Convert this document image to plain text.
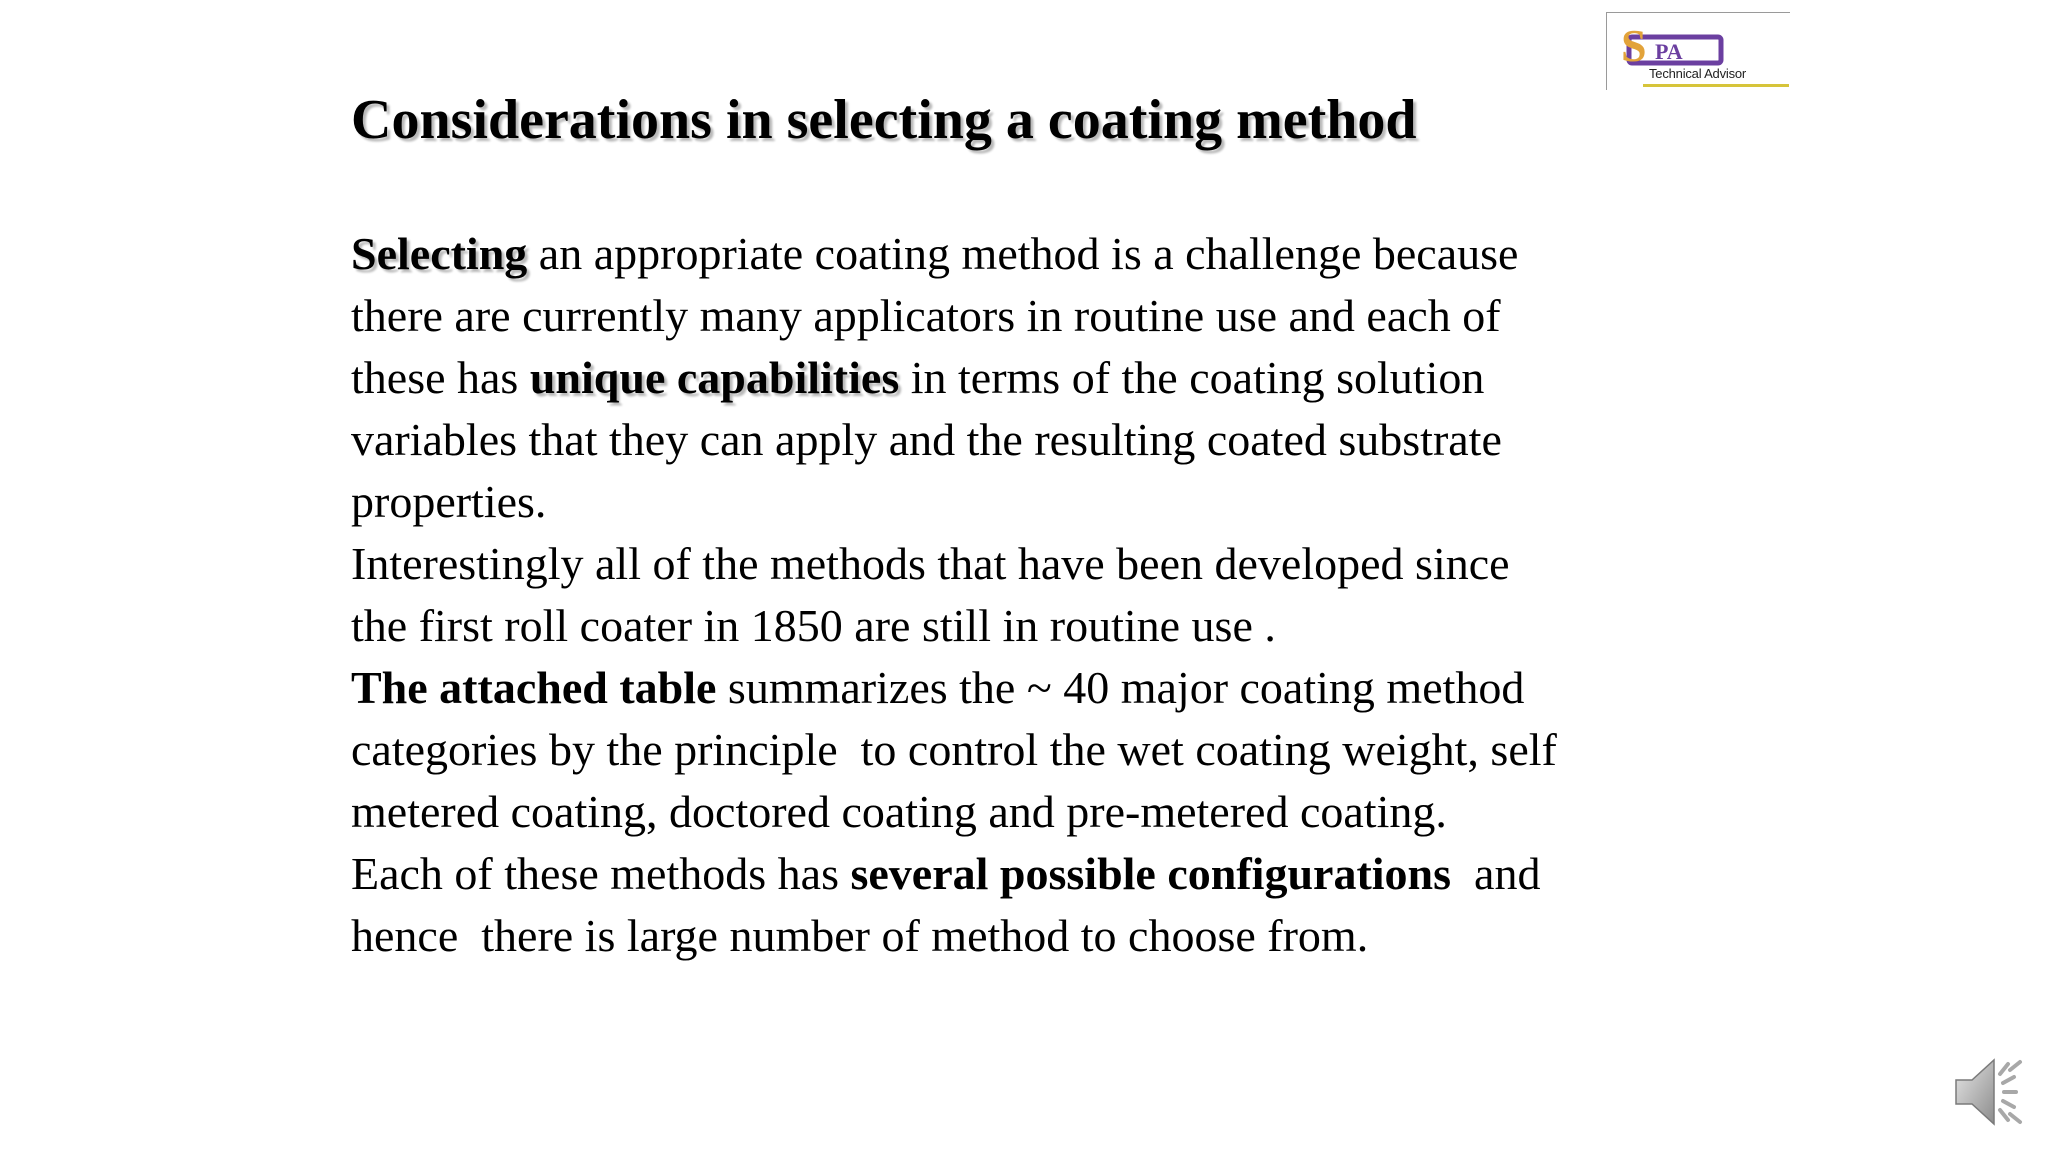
S PA
Technical Advisor
Considerations in selecting a coating method
Selecting an appropriate coating method is a challenge because
there are currently many applicators in routine use and each of
these has unique capabilities in terms of the coating solution
variables that they can apply and the resulting coated substrate
properties.
Interestingly all of the methods that have been developed since
the first roll coater in 1850 are still in routine use .
The attached table summarizes the ~ 40 major coating method
categories by the principle  to control the wet coating weight, self
metered coating, doctored coating and pre-metered coating.
Each of these methods has several possible configurations  and
hence  there is large number of method to choose from.
